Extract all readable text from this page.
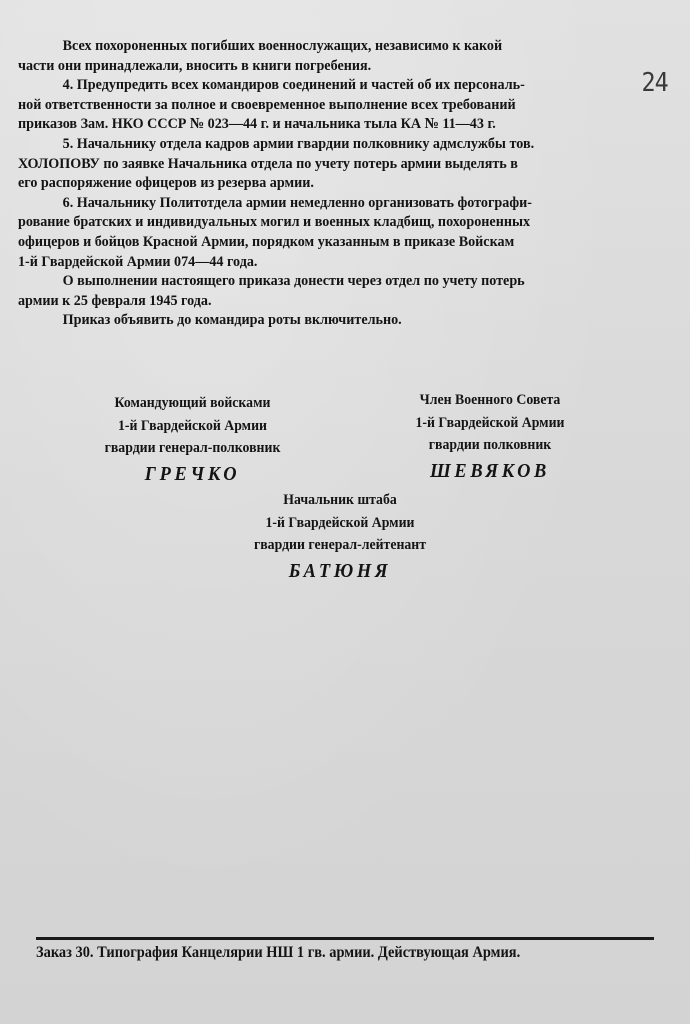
24
Всех похороненных погибших военнослужащих, независимо к какой
части они принадлежали, вносить в книги погребения.
4. Предупредить всех командиров соединений и частей об их персональ-
ной ответственности за полное и своевременное выполнение всех требований
приказов Зам. НКО СССР № 023—44 г. и начальника тыла КА № 11—43 г.
5. Начальнику отдела кадров армии гвардии полковнику адмслужбы тов.
ХОЛОПОВУ по заявке Начальника отдела по учету потерь армии выделять в
его распоряжение офицеров из резерва армии.
6. Начальнику Политотдела армии немедленно организовать фотографи-
рование братских и индивидуальных могил и военных кладбищ, похороненных
офицеров и бойцов Красной Армии, порядком указанным в приказе Войскам
1-й Гвардейской Армии 074—44 года.
О выполнении настоящего приказа донести через отдел по учету потерь
армии к 25 февраля 1945 года.
Приказ объявить до командира роты включительно.
Командующий войсками
1-й Гвардейской Армии
гвардии генерал-полковник
ГРЕЧКО
Член Военного Совета
1-й Гвардейской Армии
гвардии полковник
ШЕВЯКОВ
Начальник штаба
1-й Гвардейской Армии
гвардии генерал-лейтенант
БАТЮНЯ
Заказ 30. Типография Канцелярии НШ 1 гв. армии. Действующая Армия.
